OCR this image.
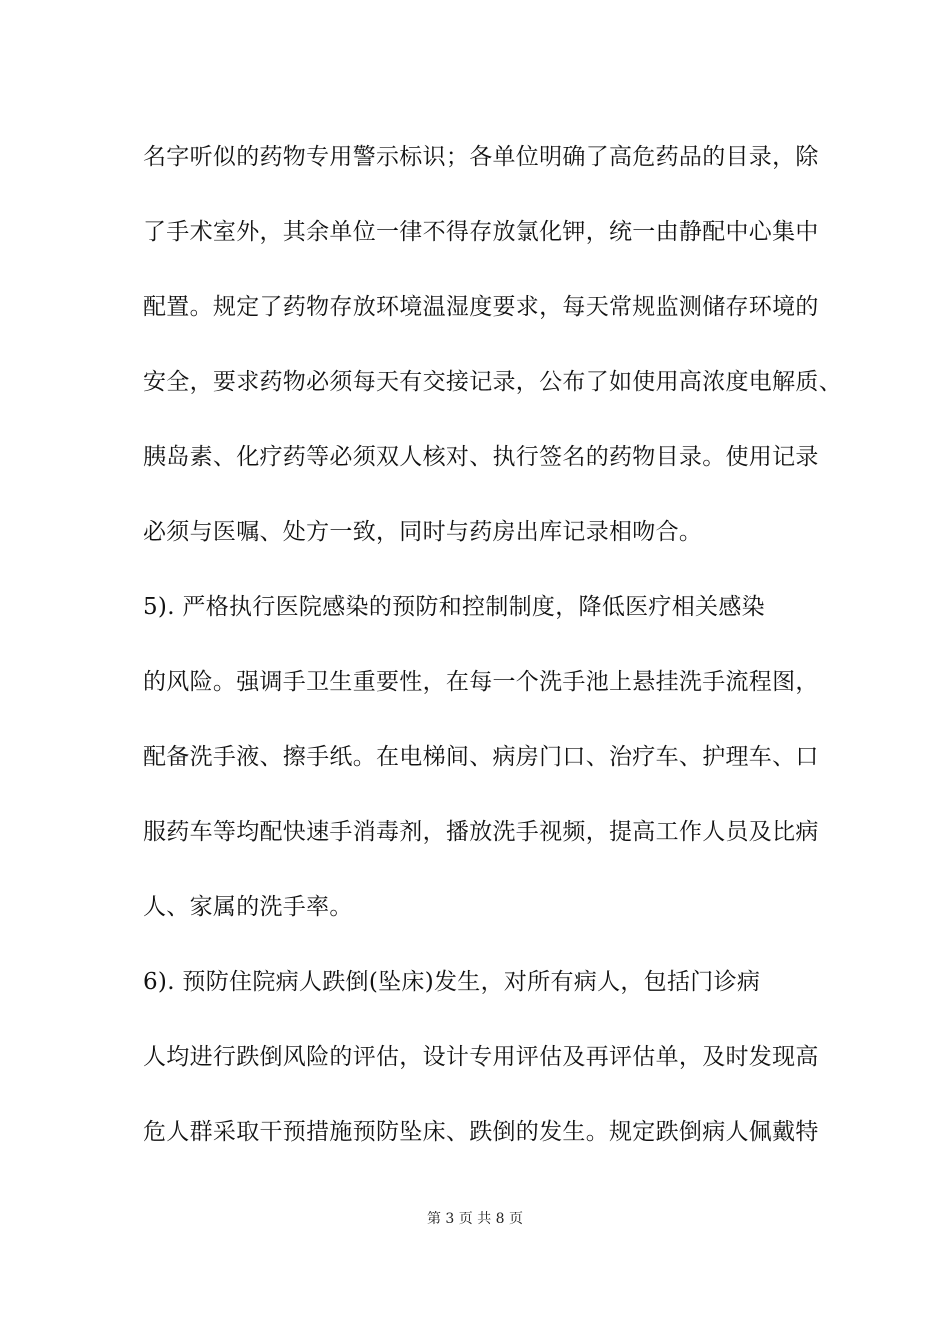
名字听似的药物专用警示标识；各单位明确了高危药品的目录，除
了手术室外，其余单位一律不得存放氯化钾，统一由静配中心集中
配置。规定了药物存放环境温湿度要求，每天常规监测储存环境的
安全，要求药物必须每天有交接记录，公布了如使用高浓度电解质、
胰岛素、化疗药等必须双人核对、执行签名的药物目录。使用记录
必须与医嘱、处方一致，同时与药房出库记录相吻合。
5). 严格执行医院感染的预防和控制制度，降低医疗相关感染
的风险。强调手卫生重要性，在每一个洗手池上悬挂洗手流程图，
配备洗手液、擦手纸。在电梯间、病房门口、治疗车、护理车、口
服药车等均配快速手消毒剂，播放洗手视频，提高工作人员及比病
人、家属的洗手率。
6). 预防住院病人跌倒(坠床)发生，对所有病人，包括门诊病
人均进行跌倒风险的评估，设计专用评估及再评估单，及时发现高
危人群采取干预措施预防坠床、跌倒的发生。规定跌倒病人佩戴特
第 3 页 共 8 页
